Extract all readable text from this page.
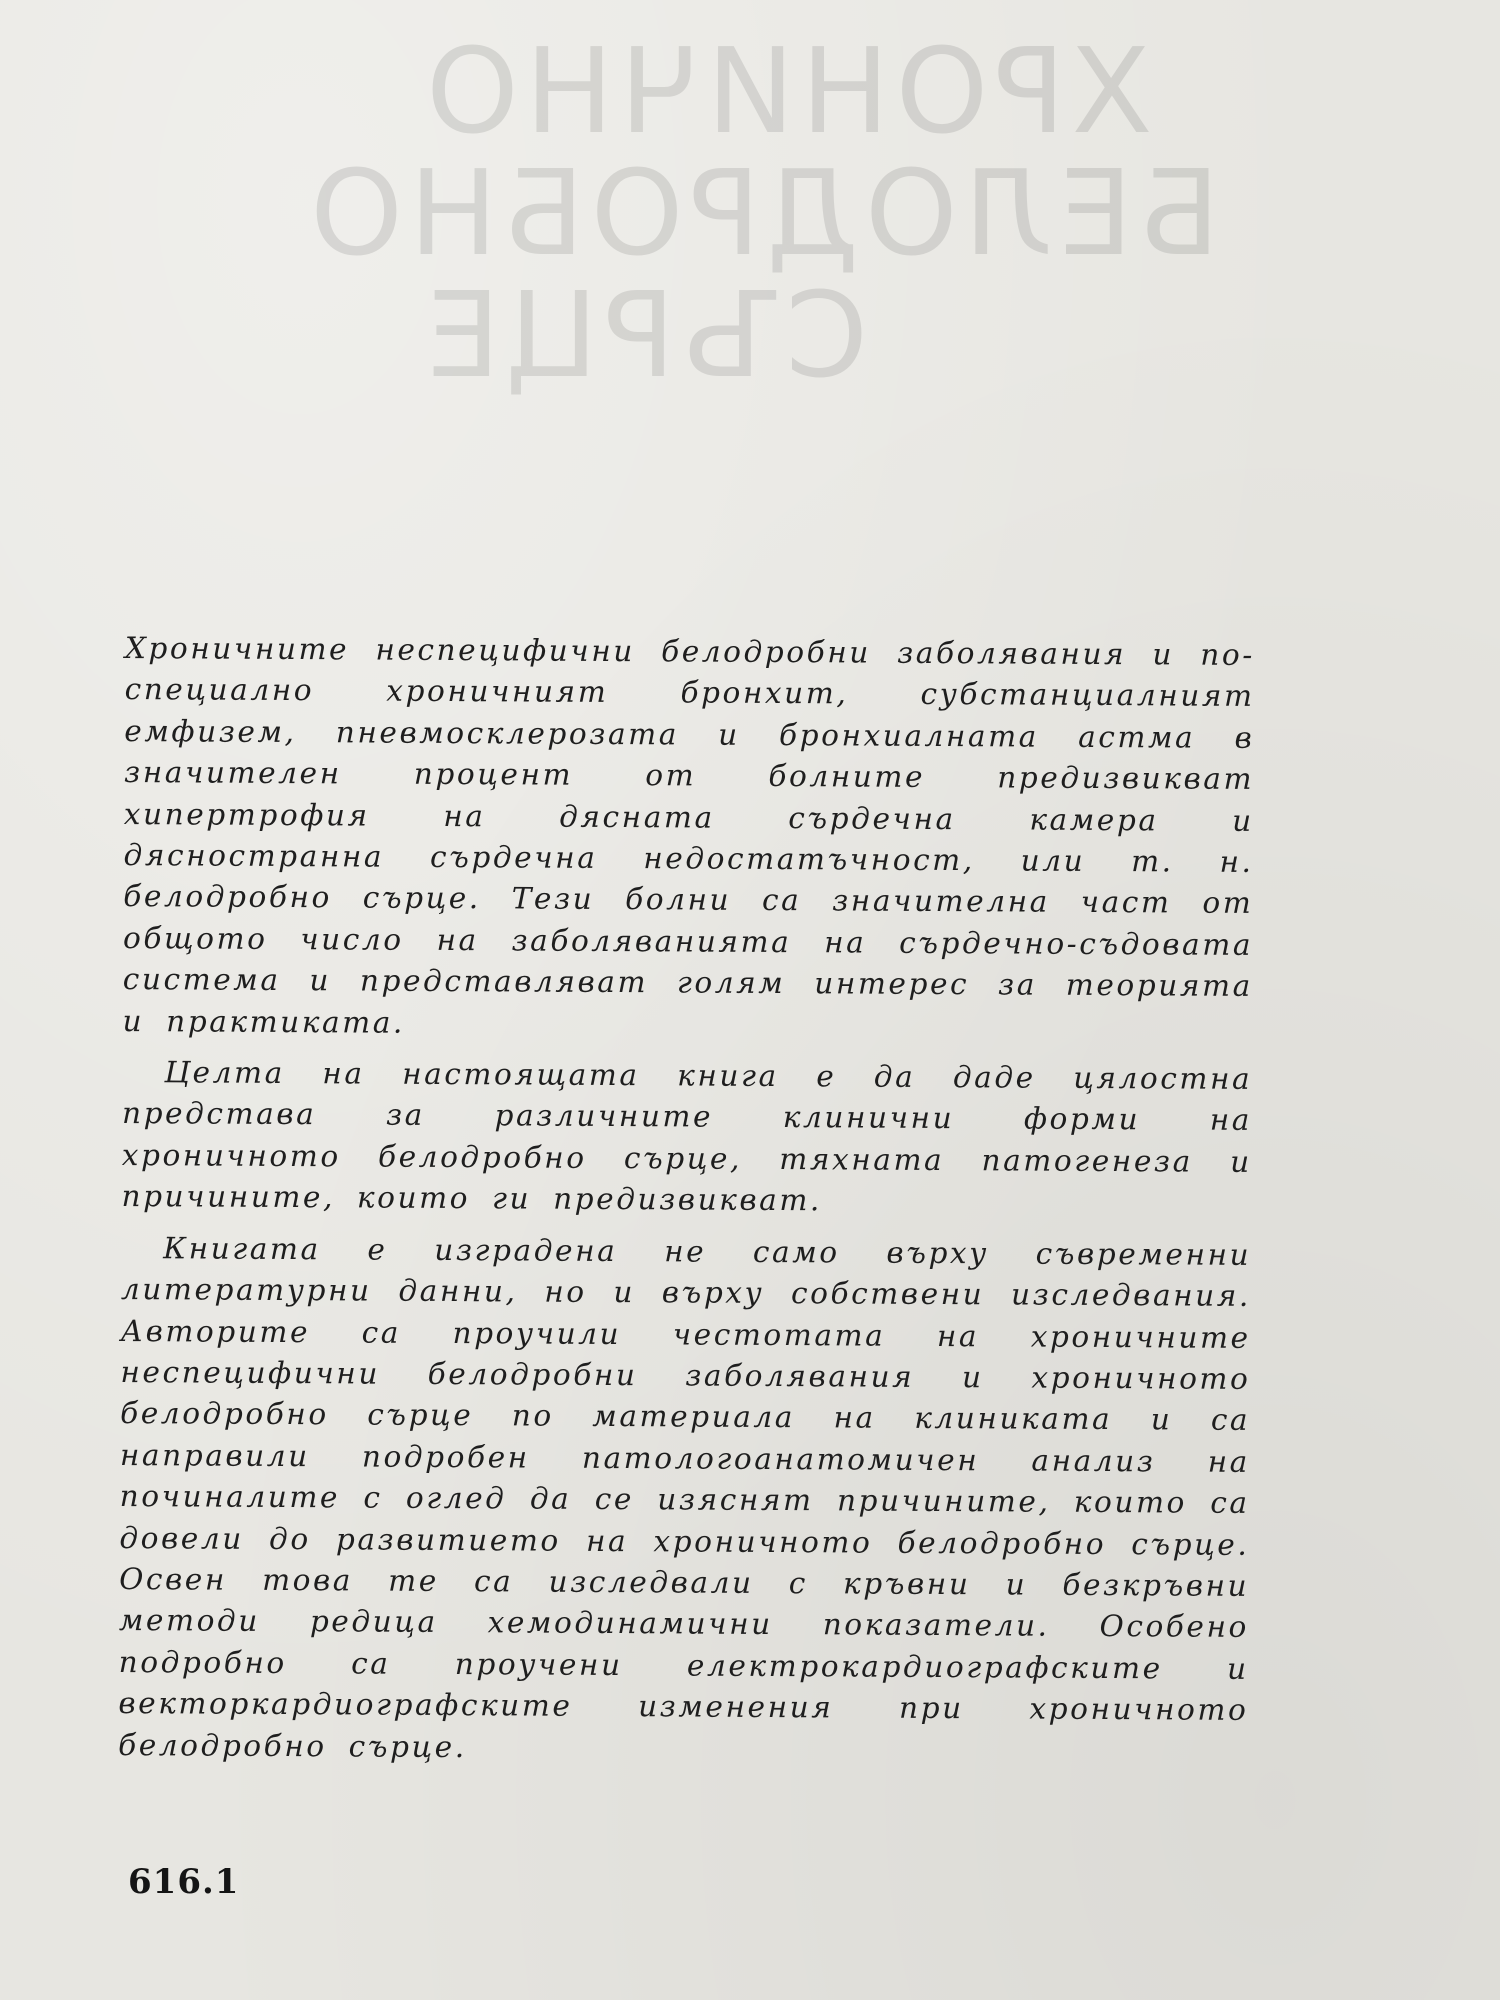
ХРОНИЧНО
БЕЛОДРОБНО
СЪРЦЕ

Хроничните неспецифични белодробни заболявания и по-специално хроничният бронхит, субстанциалният емфизем, пневмосклерозата и бронхиалната астма в значителен процент от болните предизвикват хипертрофия на дясната сърдечна камера и дясностранна сърдечна недостатъчност, или т. н. белодробно сърце. Тези болни са значителна част от общото число на заболяванията на сърдечно-съдовата система и представляват голям интерес за теорията и практиката.

Целта на настоящата книга е да даде цялостна представа за различните клинични форми на хроничното белодробно сърце, тяхната патогенеза и причините, които ги предизвикват.

Книгата е изградена не само върху съвременни литературни данни, но и върху собствени изследвания. Авторите са проучили честотата на хроничните неспецифични белодробни заболявания и хроничното белодробно сърце по материала на клиниката и са направили подробен патологоанатомичен анализ на починалите с оглед да се изяснят причините, които са довели до развитието на хроничното белодробно сърце. Освен това те са изследвали с кръвни и безкръвни методи редица хемодинамични показатели. Особено подробно са проучени електрокардиографските и векторкардиографските изменения при хроничното белодробно сърце.

616.1
